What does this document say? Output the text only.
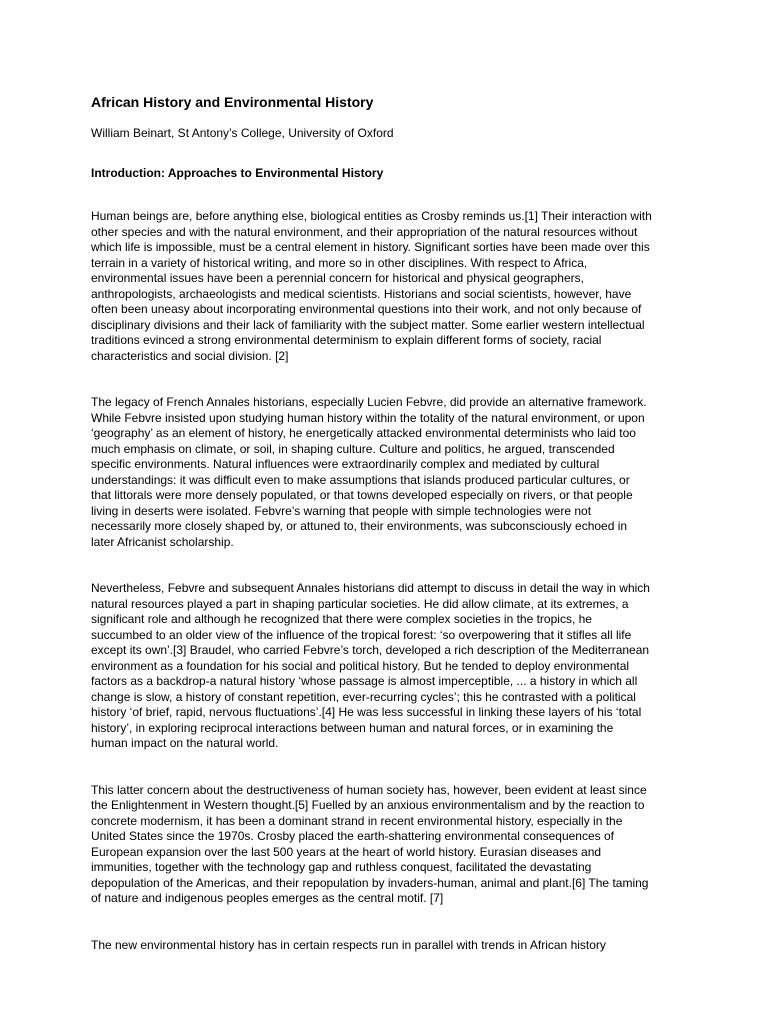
African History and Environmental History

William Beinart, St Antony’s College, University of Oxford

Introduction: Approaches to Environmental History
Human beings are, before anything else, biological entities as Crosby reminds us.[1] Their interaction with
other species and with the natural environment, and their appropriation of the natural resources without
which life is impossible, must be a central element in history. Significant sorties have been made over this
terrain in a variety of historical writing, and more so in other disciplines. With respect to Africa,
environmental issues have been a perennial concern for historical and physical geographers,
anthropologists, archaeologists and medical scientists. Historians and social scientists, however, have
often been uneasy about incorporating environmental questions into their work, and not only because of
disciplinary divisions and their lack of familiarity with the subject matter. Some earlier western intellectual
traditions evinced a strong environmental determinism to explain different forms of society, racial
characteristics and social division. [2]
The legacy of French Annales historians, especially Lucien Febvre, did provide an alternative framework.
While Febvre insisted upon studying human history within the totality of the natural environment, or upon
‘geography’ as an element of history, he energetically attacked environmental determinists who laid too
much emphasis on climate, or soil, in shaping culture. Culture and politics, he argued, transcended
specific environments. Natural influences were extraordinarily complex and mediated by cultural
understandings: it was difficult even to make assumptions that islands produced particular cultures, or
that littorals were more densely populated, or that towns developed especially on rivers, or that people
living in deserts were isolated. Febvre’s warning that people with simple technologies were not
necessarily more closely shaped by, or attuned to, their environments, was subconsciously echoed in
later Africanist scholarship.
Nevertheless, Febvre and subsequent Annales historians did attempt to discuss in detail the way in which
natural resources played a part in shaping particular societies. He did allow climate, at its extremes, a
significant role and although he recognized that there were complex societies in the tropics, he
succumbed to an older view of the influence of the tropical forest: ‘so overpowering that it stifles all life
except its own’.[3] Braudel, who carried Febvre’s torch, developed a rich description of the Mediterranean
environment as a foundation for his social and political history. But he tended to deploy environmental
factors as a backdrop-a natural history ‘whose passage is almost imperceptible, ... a history in which all
change is slow, a history of constant repetition, ever-recurring cycles’; this he contrasted with a political
history ‘of brief, rapid, nervous fluctuations’.[4] He was less successful in linking these layers of his ‘total
history’, in exploring reciprocal interactions between human and natural forces, or in examining the
human impact on the natural world.
This latter concern about the destructiveness of human society has, however, been evident at least since
the Enlightenment in Western thought.[5] Fuelled by an anxious environmentalism and by the reaction to
concrete modernism, it has been a dominant strand in recent environmental history, especially in the
United States since the 1970s. Crosby placed the earth-shattering environmental consequences of
European expansion over the last 500 years at the heart of world history. Eurasian diseases and
immunities, together with the technology gap and ruthless conquest, facilitated the devastating
depopulation of the Americas, and their repopulation by invaders-human, animal and plant.[6] The taming
of nature and indigenous peoples emerges as the central motif. [7]
The new environmental history has in certain respects run in parallel with trends in African history
